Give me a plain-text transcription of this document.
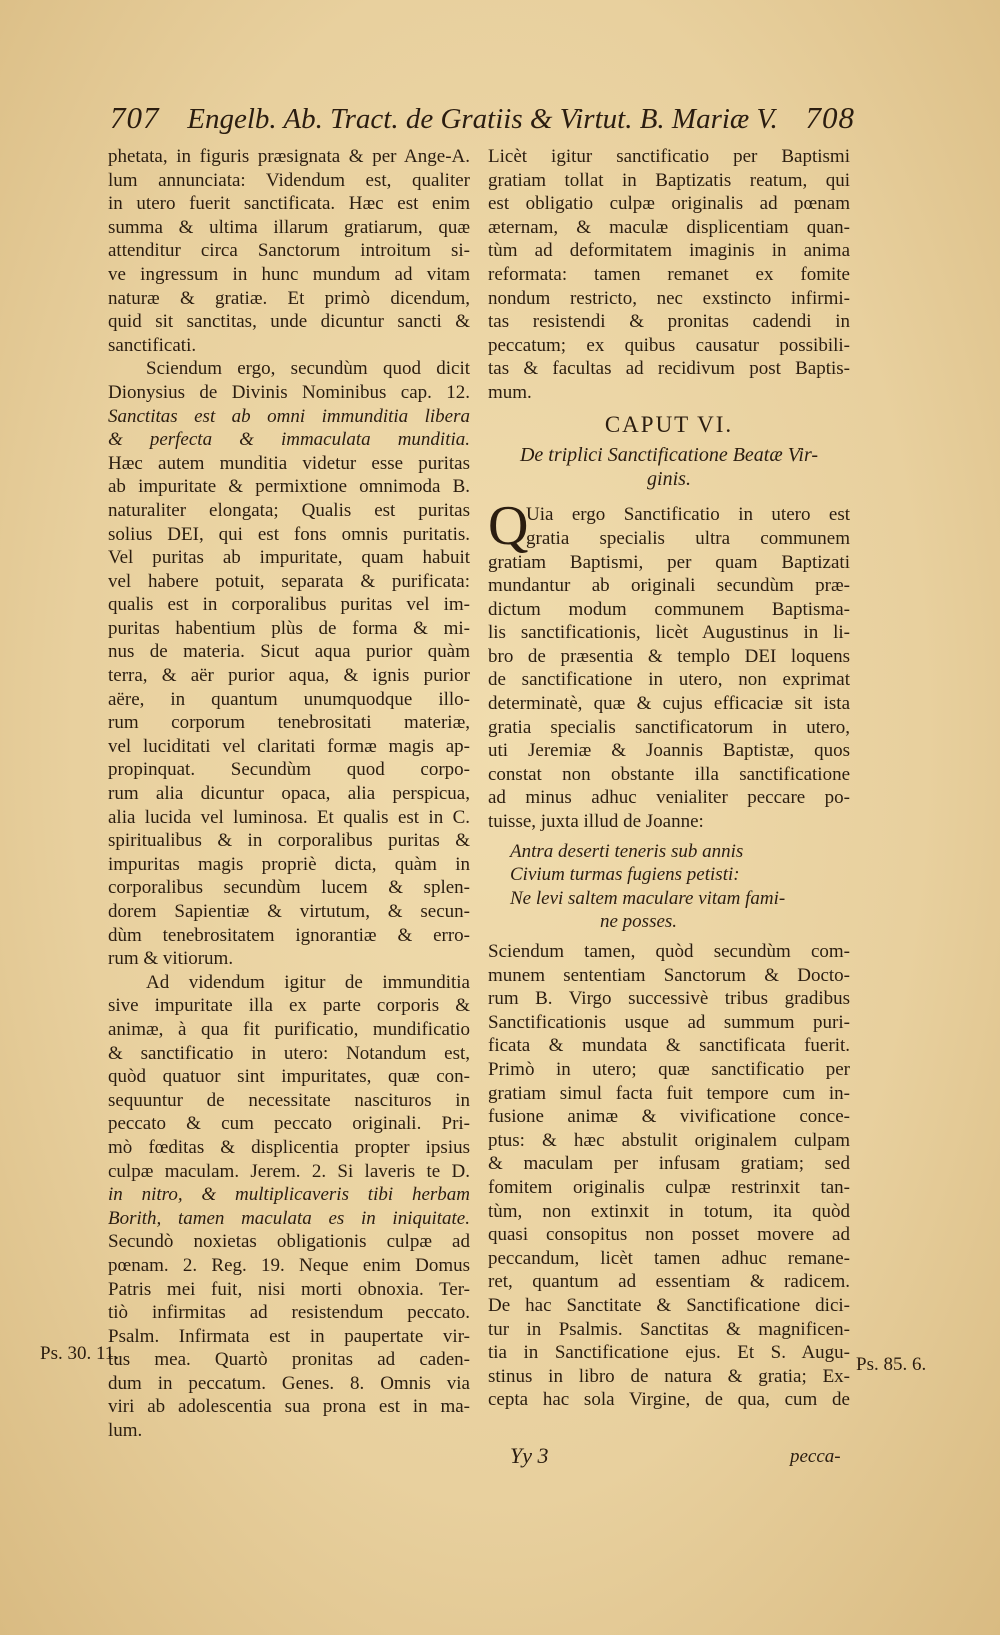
707 Engelb. Ab. Tract. de Gratiis & Virtut. B. Mariæ V. 708
phetata, in figuris præsignata & per Ange-A.
lum annunciata: Videndum est, qualiter
in utero fuerit sanctificata. Hæc est enim
summa & ultima illarum gratiarum, quæ
attenditur circa Sanctorum introitum si-
ve ingressum in hunc mundum ad vitam
naturæ & gratiæ. Et primò dicendum,
quid sit sanctitas, unde dicuntur sancti &
sanctificati.
Sciendum ergo, secundùm quod dicit
Dionysius de Divinis Nominibus cap. 12.
Sanctitas est ab omni immunditia libera
& perfecta & immaculata munditia.
Hæc autem munditia videtur esse puritas
ab impuritate & permixtione omnimoda B.
naturaliter elongata; Qualis est puritas
solius DEI, qui est fons omnis puritatis.
Vel puritas ab impuritate, quam habuit
vel habere potuit, separata & purificata:
qualis est in corporalibus puritas vel im-
puritas habentium plùs de forma & mi-
nus de materia. Sicut aqua purior quàm
terra, & aër purior aqua, & ignis purior
aëre, in quantum unumquodque illo-
rum corporum tenebrositati materiæ,
vel luciditati vel claritati formæ magis ap-
propinquat. Secundùm quod corpo-
rum alia dicuntur opaca, alia perspicua,
alia lucida vel luminosa. Et qualis est in C.
spiritualibus & in corporalibus puritas &
impuritas magis propriè dicta, quàm in
corporalibus secundùm lucem & splen-
dorem Sapientiæ & virtutum, & secun-
dùm tenebrositatem ignorantiæ & erro-
rum & vitiorum.
Ad videndum igitur de immunditia
sive impuritate illa ex parte corporis &
animæ, à qua fit purificatio, mundificatio
& sanctificatio in utero: Notandum est,
quòd quatuor sint impuritates, quæ con-
sequuntur de necessitate nascituros in
peccato & cum peccato originali. Pri-
mò fœditas & displicentia propter ipsius
culpæ maculam. Jerem. 2. Si laveris te D.
in nitro, & multiplicaveris tibi herbam
Borith, tamen maculata es in iniquitate.
Secundò noxietas obligationis culpæ ad
pœnam. 2. Reg. 19. Neque enim Domus
Patris mei fuit, nisi morti obnoxia. Ter-
tiò infirmitas ad resistendum peccato.
Psalm. Infirmata est in paupertate vir-
tus mea. Quartò pronitas ad caden-
dum in peccatum. Genes. 8. Omnis via
viri ab adolescentia sua prona est in ma-
lum.
Licèt igitur sanctificatio per Baptismi
gratiam tollat in Baptizatis reatum, qui
est obligatio culpæ originalis ad pœnam
æternam, & maculæ displicentiam quan-
tùm ad deformitatem imaginis in anima
reformata: tamen remanet ex fomite
nondum restricto, nec exstincto infirmi-
tas resistendi & pronitas cadendi in
peccatum; ex quibus causatur possibili-
tas & facultas ad recidivum post Baptis-
mum.
CAPUT VI.
De triplici Sanctificatione Beatæ Vir-
ginis.
Q
Uia ergo Sanctificatio in utero est
gratia specialis ultra communem
gratiam Baptismi, per quam Baptizati
mundantur ab originali secundùm præ-
dictum modum communem Baptisma-
lis sanctificationis, licèt Augustinus in li-
bro de præsentia & templo DEI loquens
de sanctificatione in utero, non exprimat
determinatè, quæ & cujus efficaciæ sit ista
gratia specialis sanctificatorum in utero,
uti Jeremiæ & Joannis Baptistæ, quos
constat non obstante illa sanctificatione
ad minus adhuc venialiter peccare po-
tuisse, juxta illud de Joanne:
Antra deserti teneris sub annis
Civium turmas fugiens petisti:
Ne levi saltem maculare vitam fami-
ne posses.
Sciendum tamen, quòd secundùm com-
munem sententiam Sanctorum & Docto-
rum B. Virgo successivè tribus gradibus
Sanctificationis usque ad summum puri-
ficata & mundata & sanctificata fuerit.
Primò in utero; quæ sanctificatio per
gratiam simul facta fuit tempore cum in-
fusione animæ & vivificatione conce-
ptus: & hæc abstulit originalem culpam
& maculam per infusam gratiam; sed
fomitem originalis culpæ restrinxit tan-
tùm, non extinxit in totum, ita quòd
quasi consopitus non posset movere ad
peccandum, licèt tamen adhuc remane-
ret, quantum ad essentiam & radicem.
De hac Sanctitate & Sanctificatione dici-
tur in Psalmis. Sanctitas & magnificen-
tia in Sanctificatione ejus. Et S. Augu-
stinus in libro de natura & gratia; Ex-
cepta hac sola Virgine, de qua, cum de
Ps. 30. 11.
Ps. 85. 6.
Yy 3	pecca-
